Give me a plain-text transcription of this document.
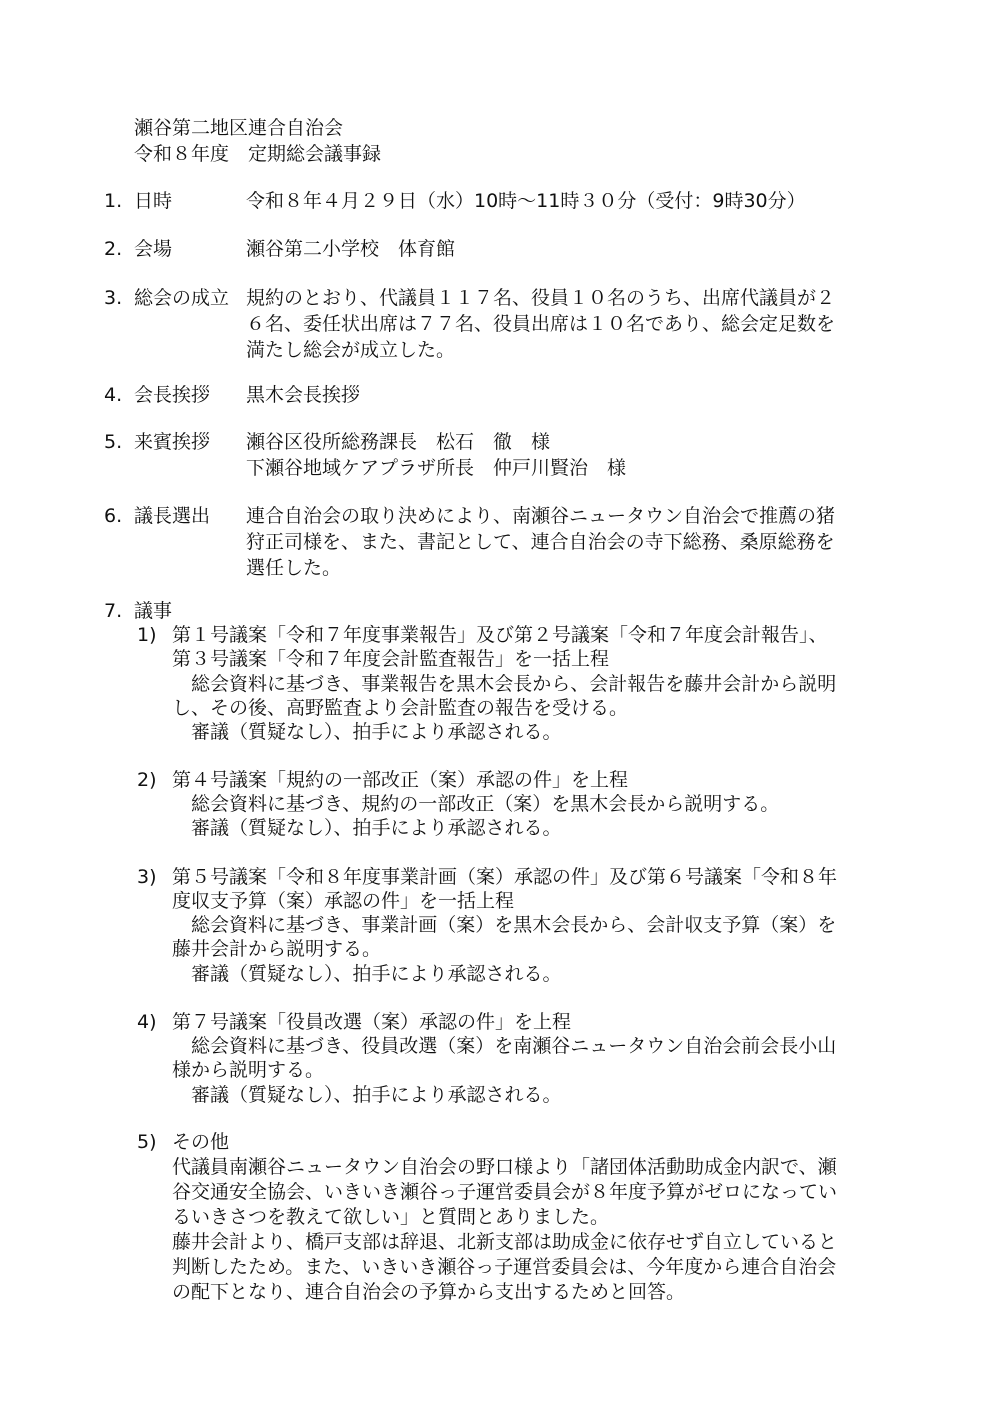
瀬谷第二地区連合自治会
令和８年度　定期総会議事録
1. 日時	令和８年４月２９日（水）10時～11時３０分（受付：9時30分）
2. 会場	瀬谷第二小学校　体育館
3. 総会の成立 規約のとおり、代議員１１７名、役員１０名のうち、出席代議員が２
６名、委任状出席は７７名、役員出席は１０名であり、総会定足数を
満たし総会が成立した。
4. 会長挨拶 黒木会長挨拶
5. 来賓挨拶 瀬谷区役所総務課長　松石　徹　様
下瀬谷地域ケアプラザ所長　仲戸川賢治　様
6. 議長選出 連合自治会の取り決めにより、南瀬谷ニュータウン自治会で推薦の猪
狩正司様を、また、書記として、連合自治会の寺下総務、桑原総務を
選任した。
7. 議事
1) 第１号議案「令和７年度事業報告」及び第２号議案「令和７年度会計報告」、
第３号議案「令和７年度会計監査報告」を一括上程
　総会資料に基づき、事業報告を黒木会長から、会計報告を藤井会計から説明
し、その後、高野監査より会計監査の報告を受ける。
　審議（質疑なし）、拍手により承認される。
2) 第４号議案「規約の一部改正（案）承認の件」を上程
　総会資料に基づき、規約の一部改正（案）を黒木会長から説明する。
　審議（質疑なし）、拍手により承認される。
3) 第５号議案「令和８年度事業計画（案）承認の件」及び第６号議案「令和８年
度収支予算（案）承認の件」を一括上程
　総会資料に基づき、事業計画（案）を黒木会長から、会計収支予算（案）を
藤井会計から説明する。
　審議（質疑なし）、拍手により承認される。
4) 第７号議案「役員改選（案）承認の件」を上程
　総会資料に基づき、役員改選（案）を南瀬谷ニュータウン自治会前会長小山
様から説明する。
　審議（質疑なし）、拍手により承認される。
5) その他
代議員南瀬谷ニュータウン自治会の野口様より「諸団体活動助成金内訳で、瀬
谷交通安全協会、いきいき瀬谷っ子運営委員会が８年度予算がゼロになってい
るいきさつを教えて欲しい」と質問とありました。
藤井会計より、橋戸支部は辞退、北新支部は助成金に依存せず自立していると
判断したため。また、いきいき瀬谷っ子運営委員会は、今年度から連合自治会
の配下となり、連合自治会の予算から支出するためと回答。
